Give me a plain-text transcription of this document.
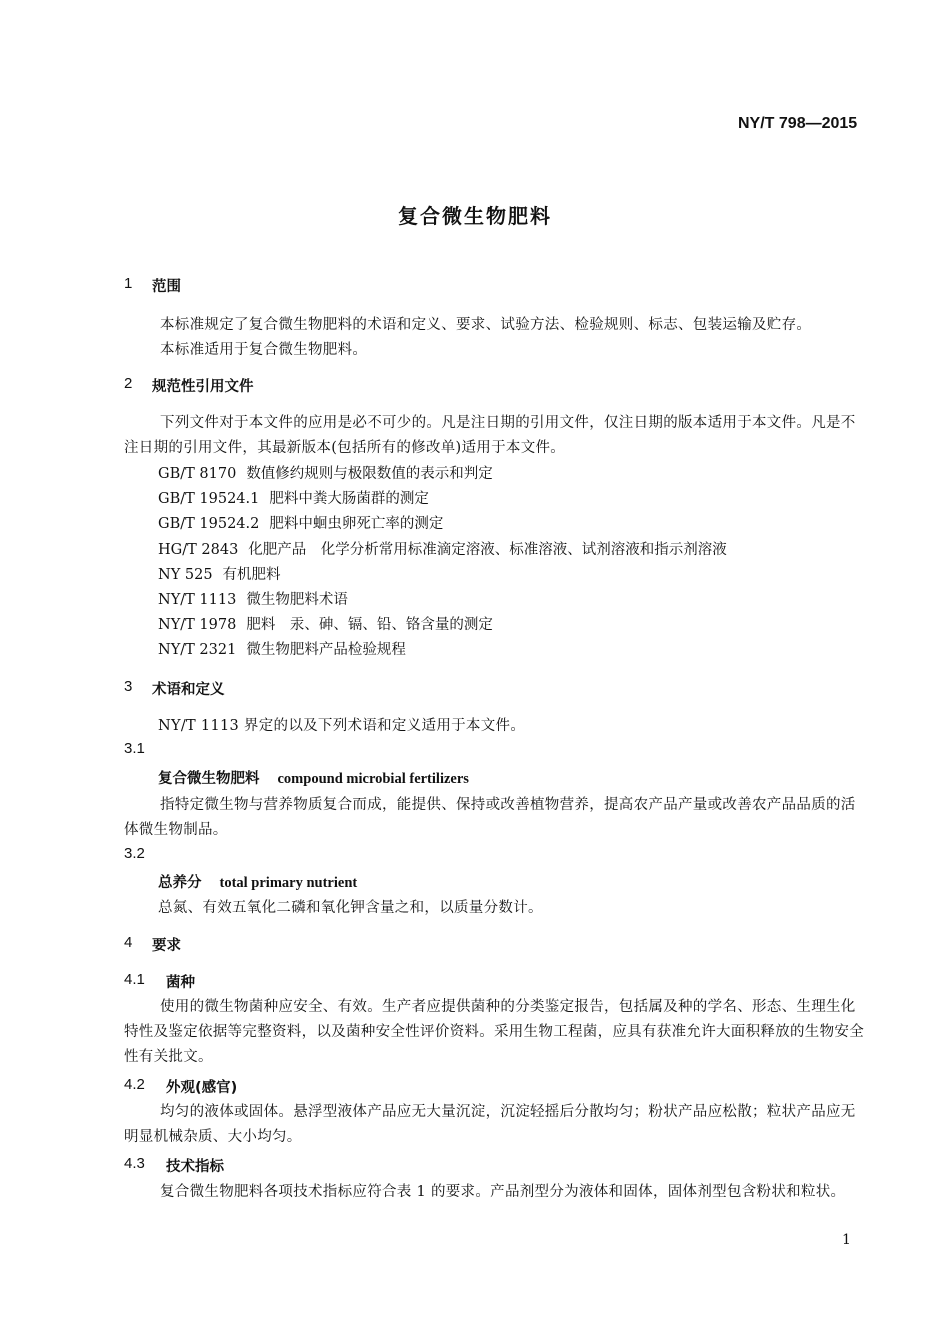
NY/T 798—2015
复合微生物肥料
1 范围
本标准规定了复合微生物肥料的术语和定义、要求、试验方法、检验规则、标志、包装运输及贮存。
本标准适用于复合微生物肥料。
2 规范性引用文件
下列文件对于本文件的应用是必不可少的。凡是注日期的引用文件，仅注日期的版本适用于本文件。凡是不注日期的引用文件，其最新版本(包括所有的修改单)适用于本文件。
GB/T 8170 数值修约规则与极限数值的表示和判定
GB/T 19524.1 肥料中粪大肠菌群的测定
GB/T 19524.2 肥料中蛔虫卵死亡率的测定
HG/T 2843 化肥产品　化学分析常用标准滴定溶液、标准溶液、试剂溶液和指示剂溶液
NY 525 有机肥料
NY/T 1113 微生物肥料术语
NY/T 1978 肥料　汞、砷、镉、铅、铬含量的测定
NY/T 2321 微生物肥料产品检验规程
3 术语和定义
NY/T 1113 界定的以及下列术语和定义适用于本文件。
3.1
复合微生物肥料 compound microbial fertilizers
指特定微生物与营养物质复合而成，能提供、保持或改善植物营养，提高农产品产量或改善农产品品质的活体微生物制品。
3.2
总养分 total primary nutrient
总氮、有效五氧化二磷和氧化钾含量之和，以质量分数计。
4 要求
4.1 菌种
使用的微生物菌种应安全、有效。生产者应提供菌种的分类鉴定报告，包括属及种的学名、形态、生理生化特性及鉴定依据等完整资料，以及菌种安全性评价资料。采用生物工程菌，应具有获准允许大面积释放的生物安全性有关批文。
4.2 外观(感官)
均匀的液体或固体。悬浮型液体产品应无大量沉淀，沉淀轻摇后分散均匀；粉状产品应松散；粒状产品应无明显机械杂质、大小均匀。
4.3 技术指标
复合微生物肥料各项技术指标应符合表 1 的要求。产品剂型分为液体和固体，固体剂型包含粉状和粒状。
1
